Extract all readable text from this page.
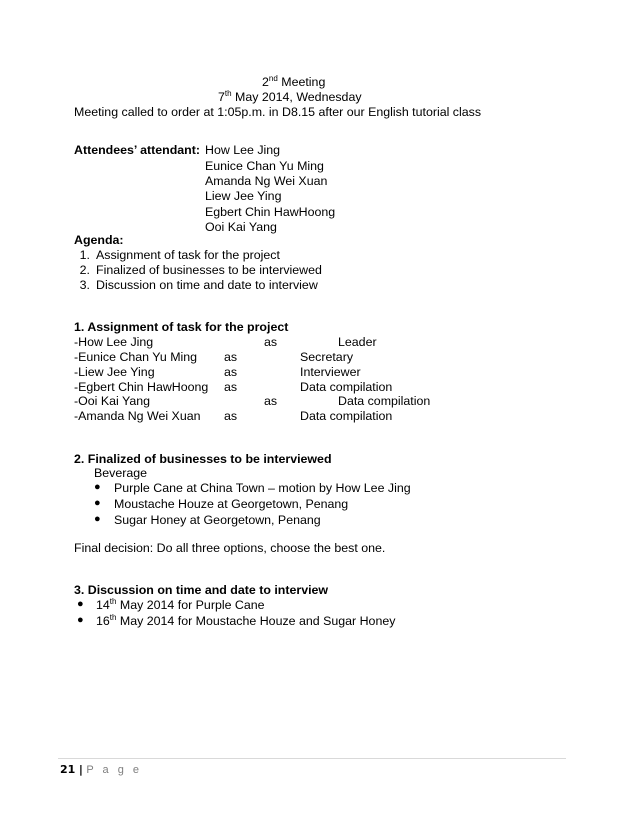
2nd Meeting
7th May 2014, Wednesday
Meeting called to order at 1:05p.m. in D8.15 after our English tutorial class
Attendees’ attendant: How Lee Jing
Eunice Chan Yu Ming
Amanda Ng Wei Xuan
Liew Jee Ying
Egbert Chin HawHoong
Ooi Kai Yang
Agenda:
1. Assignment of task for the project
2. Finalized of businesses to be interviewed
3. Discussion on time and date to interview
1. Assignment of task for the project
-How Lee Jing	as	Leader
-Eunice Chan Yu Ming as	Secretary
-Liew Jee Ying	as	Interviewer
-Egbert Chin HawHoong as	Data compilation
-Ooi Kai Yang	as	Data compilation
-Amanda Ng Wei Xuan as	Data compilation
2. Finalized of businesses to be interviewed
Beverage
● Purple Cane at China Town – motion by How Lee Jing
● Moustache Houze at Georgetown, Penang
● Sugar Honey at Georgetown, Penang
Final decision: Do all three options, choose the best one.
3. Discussion on time and date to interview
● 14th May 2014 for Purple Cane
● 16th May 2014 for Moustache Houze and Sugar Honey
21 | P a g e
